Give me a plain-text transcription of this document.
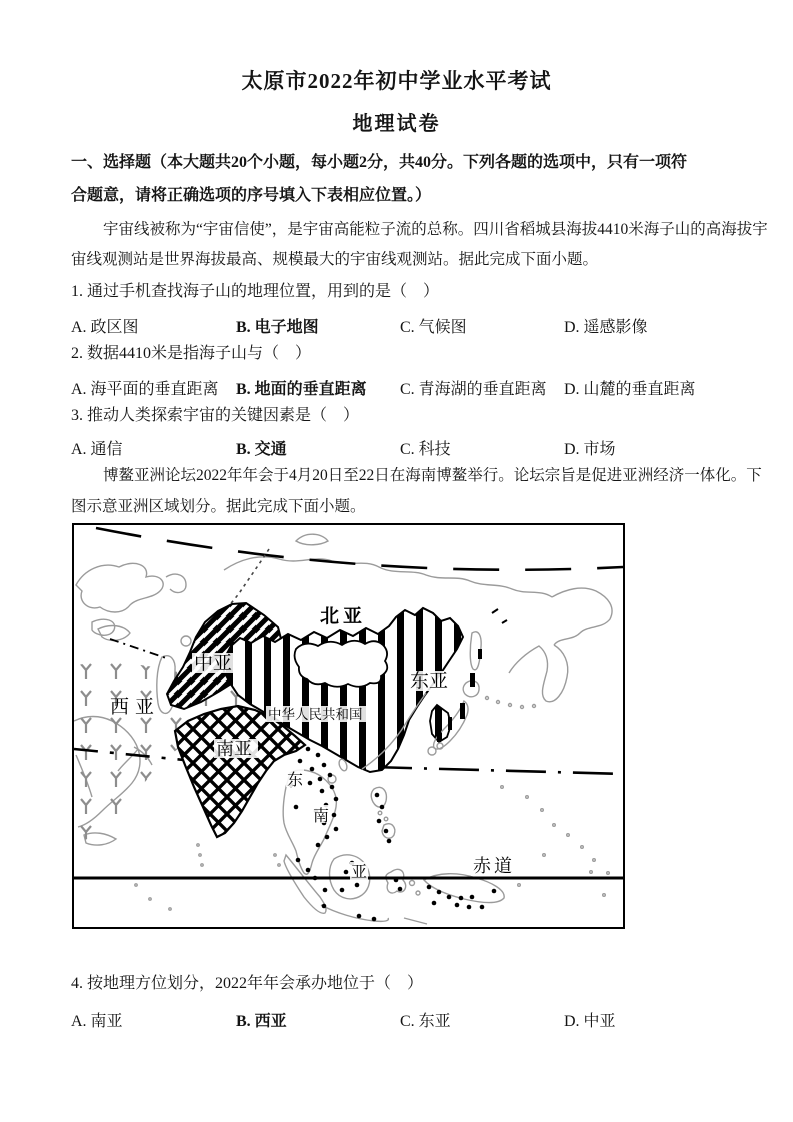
太原市2022年初中学业水平考试
地理试卷
一、选择题（本大题共20个小题，每小题2分，共40分。下列各题的选项中，只有一项符
合题意，请将正确选项的序号填入下表相应位置。）
宇宙线被称为“宇宙信使”，是宇宙高能粒子流的总称。四川省稻城县海拔4410米海子山的高海拔宇
宙线观测站是世界海拔最高、规模最大的宇宙线观测站。据此完成下面小题。
1. 通过手机查找海子山的地理位置，用到的是（    ）
A. 政区图	B. 电子地图	C. 气候图	D. 遥感影像
2. 数据4410米是指海子山与（    ）
A. 海平面的垂直距离 B. 地面的垂直距离 C. 青海湖的垂直距离 D. 山麓的垂直距离
3. 推动人类探索宇宙的关键因素是（    ）
A. 通信	B. 交通	C. 科技	D. 市场
博鳌亚洲论坛2022年年会于4月20日至22日在海南博鳌举行。论坛宗旨是促进亚洲经济一体化。下
图示意亚洲区域划分。据此完成下面小题。
北亚
中亚
西亚
东亚
中华人民共和国
南亚
东
南
亚	赤道
4. 按地理方位划分，2022年年会承办地位于（    ）
A. 南亚	B. 西亚	C. 东亚	D. 中亚
